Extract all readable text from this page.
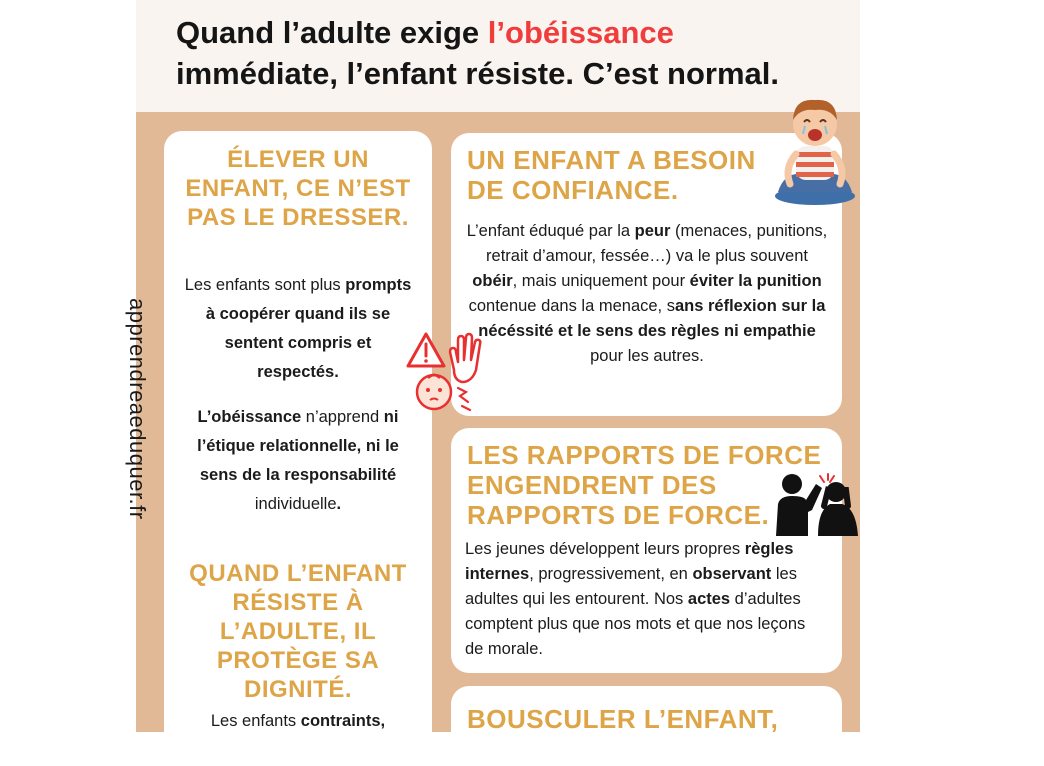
Quand l’adulte exige l’obéissance
immédiate, l’enfant résiste. C’est normal.
ÉLEVER UN ENFANT, CE N’EST PAS LE DRESSER.

Les enfants sont plus prompts à coopérer quand ils se sentent compris et respectés.

L’obéissance n’apprend ni l’étique relationnelle, ni le sens de la responsabilité individuelle.

QUAND L’ENFANT RÉSISTE À L’ADULTE, IL PROTÈGE SA DIGNITÉ.

Les enfants contraints,

UN ENFANT A BESOIN DE CONFIANCE.

L’enfant éduqué par la peur (menaces, punitions, retrait d’amour, fessée…) va le plus souvent obéir, mais uniquement pour éviter la punition contenue dans la menace, sans réflexion sur la nécéssité et le sens des règles ni empathie pour les autres.

LES RAPPORTS DE FORCE ENGENDRENT DES RAPPORTS DE FORCE.

Les jeunes développent leurs propres règles internes, progressivement, en observant les adultes qui les entourent. Nos actes d’adultes comptent plus que nos mots et que nos leçons de morale.

BOUSCULER L’ENFANT,
apprendreaeduquer.fr
